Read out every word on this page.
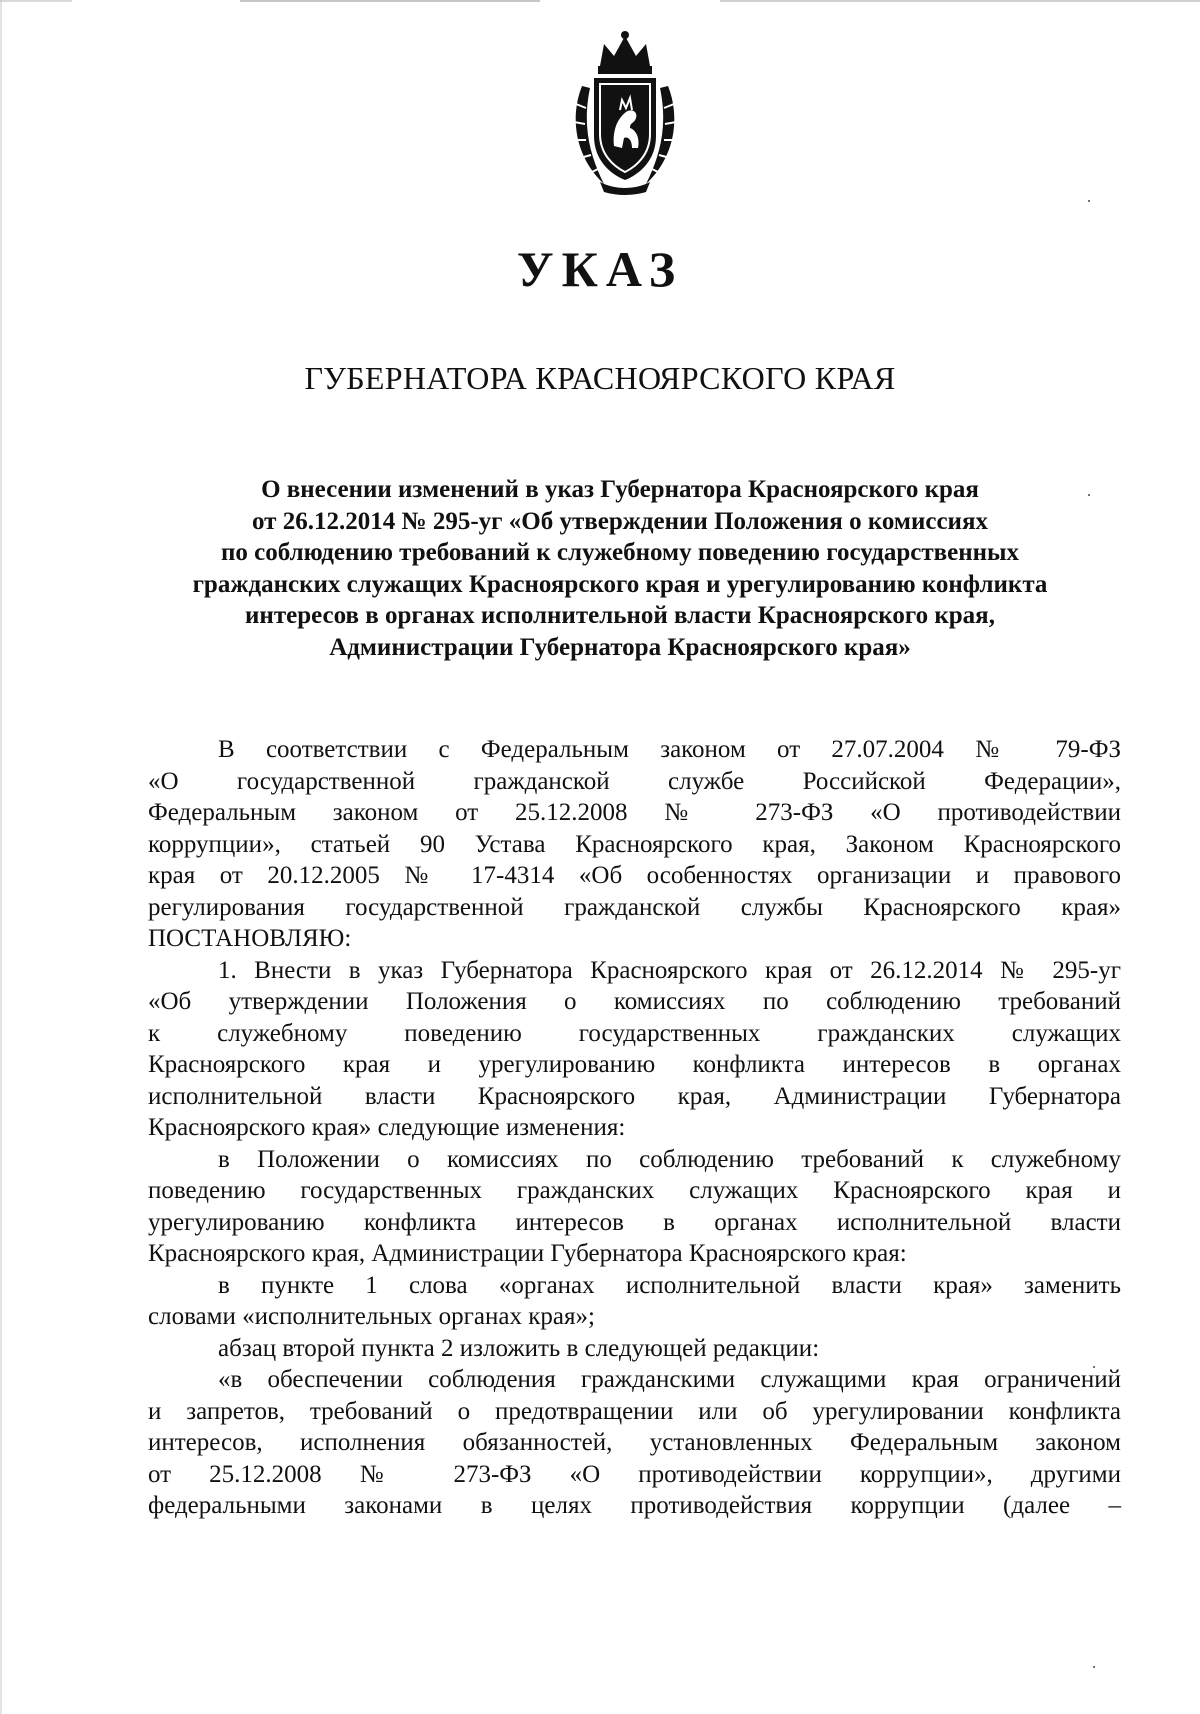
УКАЗ
ГУБЕРНАТОРА КРАСНОЯРСКОГО КРАЯ
О внесении изменений в указ Губернатора Красноярского края
от 26.12.2014 № 295-уг «Об утверждении Положения о комиссиях
по соблюдению требований к служебному поведению государственных
гражданских служащих Красноярского края и урегулированию конфликта
интересов в органах исполнительной власти Красноярского края,
Администрации Губернатора Красноярского края»
В соответствии с Федеральным законом от 27.07.2004 № 79-ФЗ
«О государственной гражданской службе Российской Федерации»,
Федеральным законом от 25.12.2008 № 273-ФЗ «О противодействии
коррупции», статьей 90 Устава Красноярского края, Законом Красноярского
края от 20.12.2005 № 17-4314 «Об особенностях организации и правового
регулирования государственной гражданской службы Красноярского края»
ПОСТАНОВЛЯЮ:
1. Внести в указ Губернатора Красноярского края от 26.12.2014 № 295-уг
«Об утверждении Положения о комиссиях по соблюдению требований
к служебному поведению государственных гражданских служащих
Красноярского края и урегулированию конфликта интересов в органах
исполнительной власти Красноярского края, Администрации Губернатора
Красноярского края» следующие изменения:
в Положении о комиссиях по соблюдению требований к служебному
поведению государственных гражданских служащих Красноярского края и
урегулированию конфликта интересов в органах исполнительной власти
Красноярского края, Администрации Губернатора Красноярского края:
в пункте 1 слова «органах исполнительной власти края» заменить
словами «исполнительных органах края»;
абзац второй пункта 2 изложить в следующей редакции:
«в обеспечении соблюдения гражданскими служащими края ограничений
и запретов, требований о предотвращении или об урегулировании конфликта
интересов, исполнения обязанностей, установленных Федеральным законом
от 25.12.2008 № 273-ФЗ «О противодействии коррупции», другими
федеральными законами в целях противодействия коррупции (далее –
